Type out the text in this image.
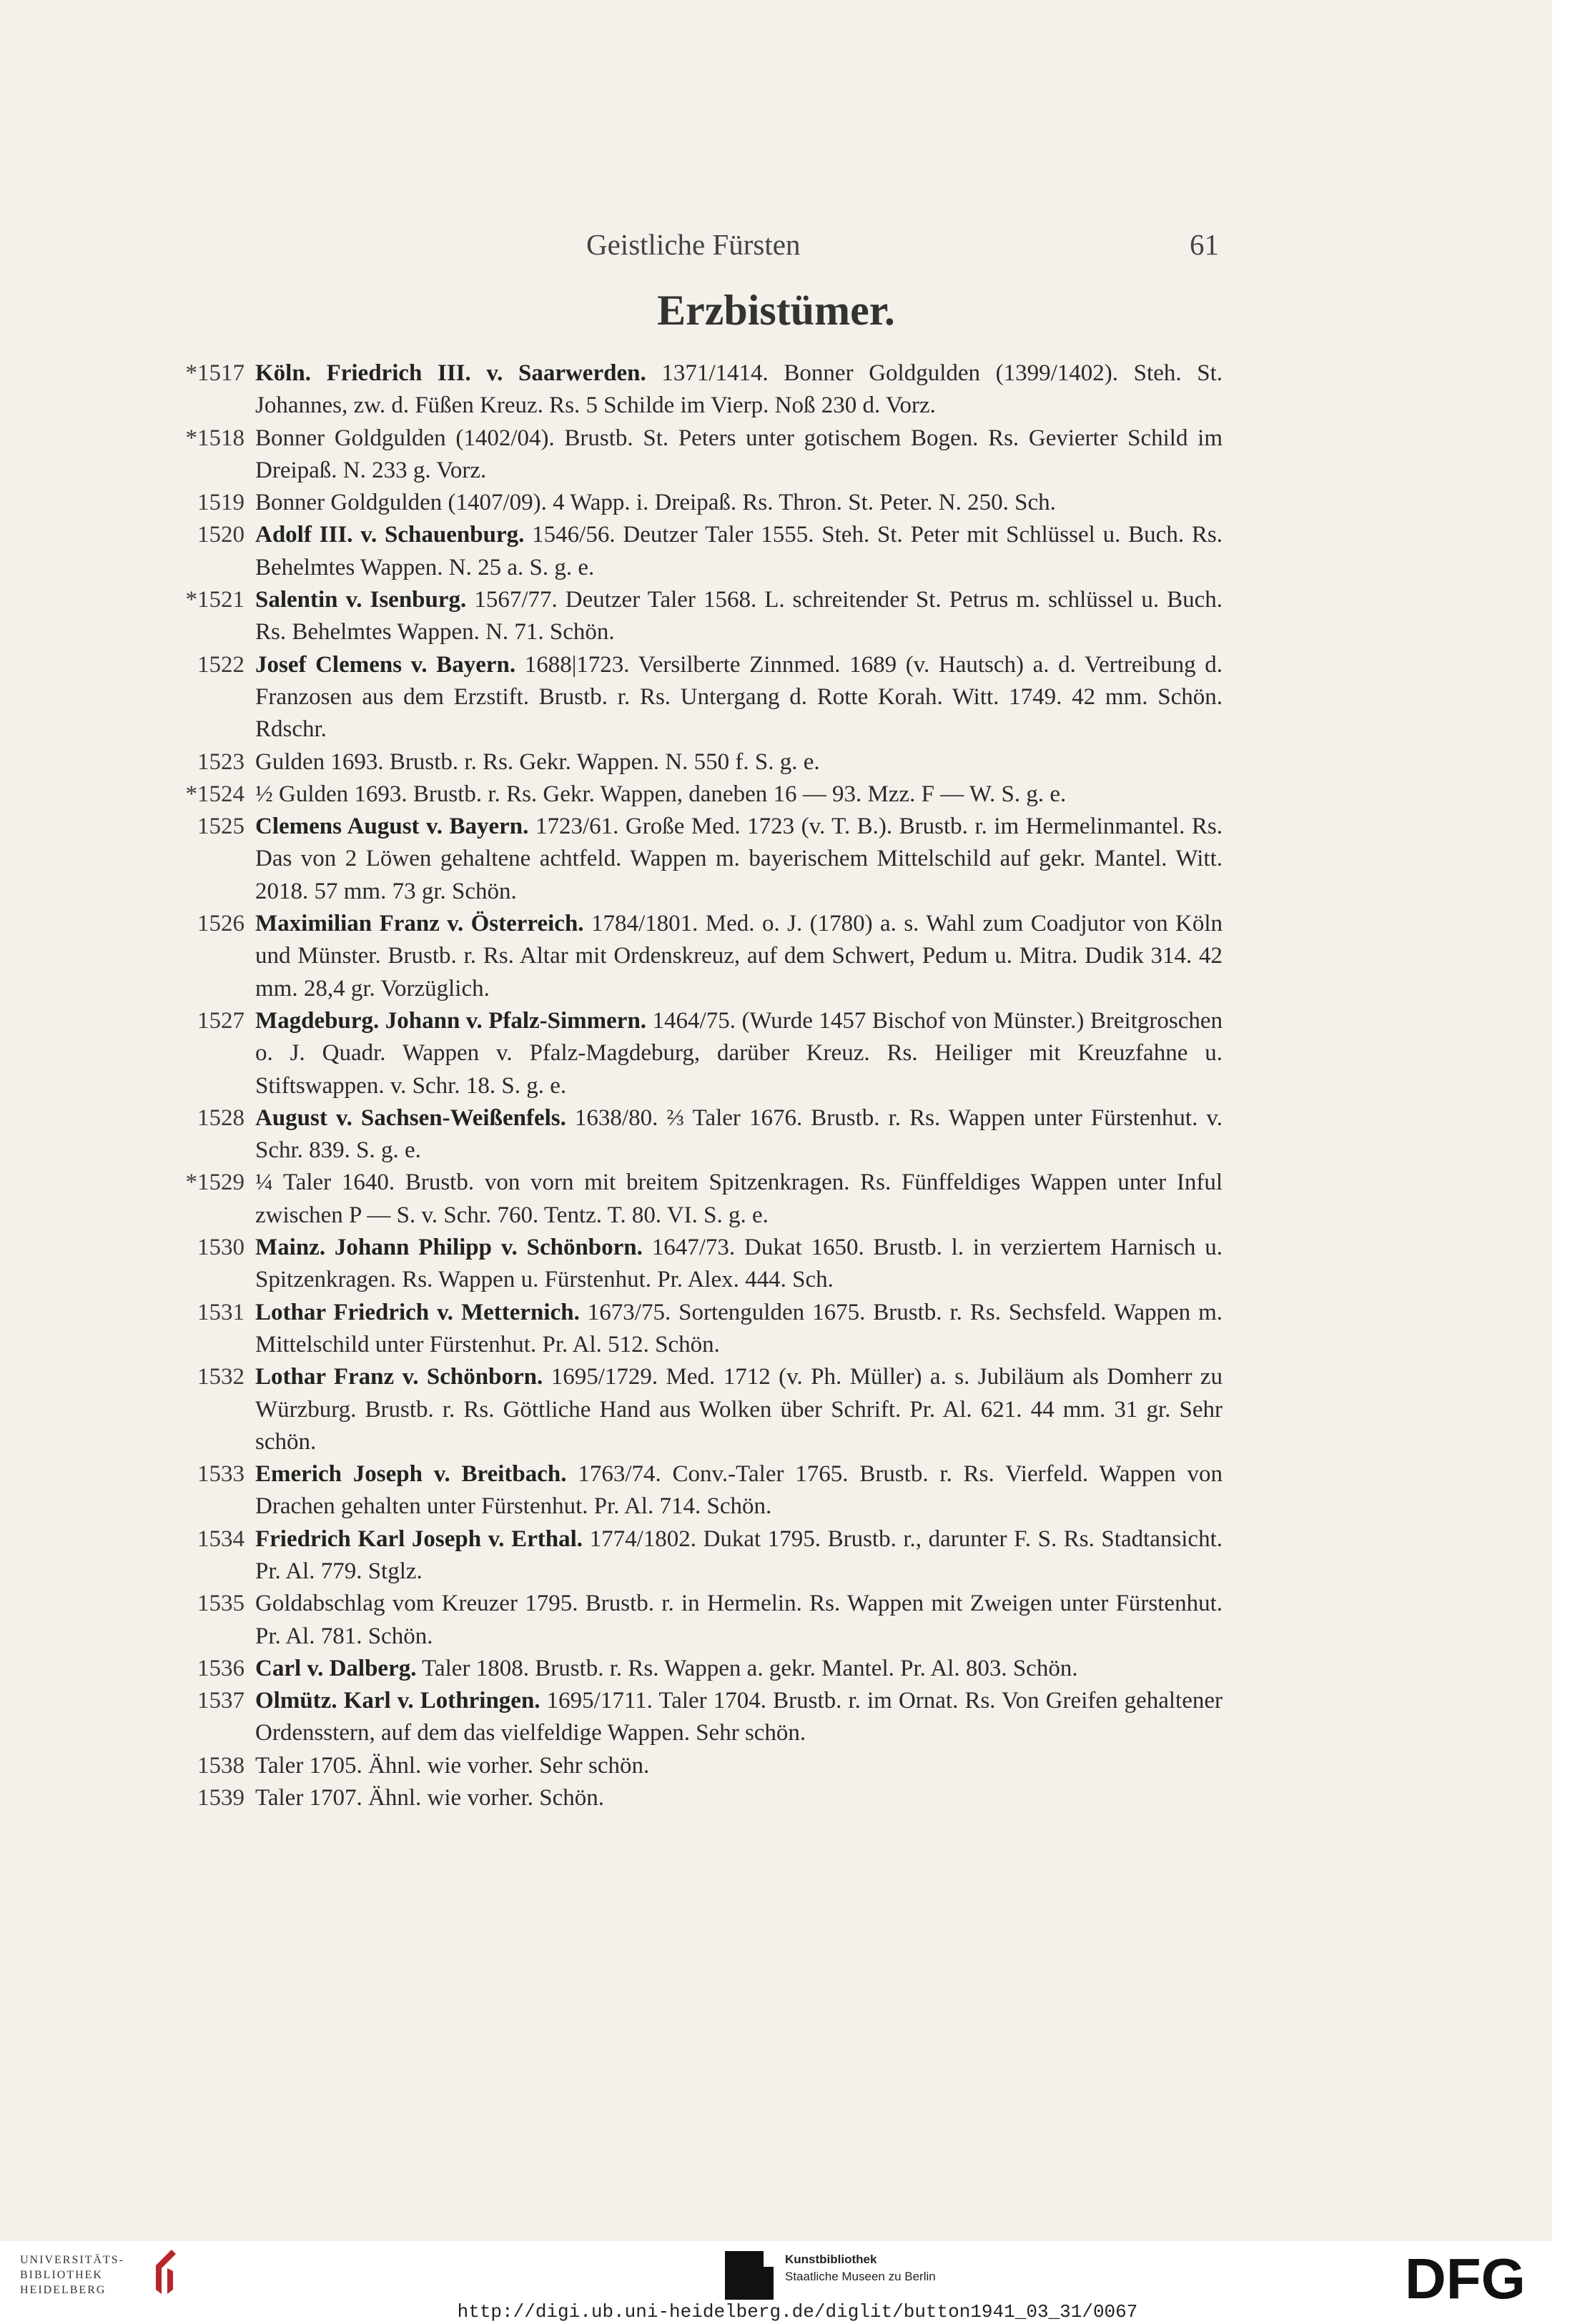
Geistliche Fürsten	61
Erzbistümer.
*1517 Köln. Friedrich III. v. Saarwerden. 1371/1414. Bonner Goldgulden (1399/1402). Steh. St. Johannes, zw. d. Füßen Kreuz. Rs. 5 Schilde im Vierp. Noß 230 d. Vorz.
*1518 Bonner Goldgulden (1402/04). Brustb. St. Peters unter gotischem Bogen. Rs. Gevierter Schild im Dreipaß. N. 233 g. Vorz.
1519 Bonner Goldgulden (1407/09). 4 Wapp. i. Dreipaß. Rs. Thron. St. Peter. N. 250. Sch.
1520 Adolf III. v. Schauenburg. 1546/56. Deutzer Taler 1555. Steh. St. Peter mit Schlüssel u. Buch. Rs. Behelmtes Wappen. N. 25 a. S. g. e.
*1521 Salentin v. Isenburg. 1567/77. Deutzer Taler 1568. L. schreitender St. Petrus m. schlüssel u. Buch. Rs. Behelmtes Wappen. N. 71. Schön.
1522 Josef Clemens v. Bayern. 1688|1723. Versilberte Zinnmed. 1689 (v. Hautsch) a. d. Vertreibung d. Franzosen aus dem Erzstift. Brustb. r. Rs. Untergang d. Rotte Korah. Witt. 1749. 42 mm. Schön. Rdschr.
1523 Gulden 1693. Brustb. r. Rs. Gekr. Wappen. N. 550 f. S. g. e.
*1524 ½ Gulden 1693. Brustb. r. Rs. Gekr. Wappen, daneben 16 — 93. Mzz. F — W. S. g. e.
1525 Clemens August v. Bayern. 1723/61. Große Med. 1723 (v. T. B.). Brustb. r. im Hermelinmantel. Rs. Das von 2 Löwen gehaltene achtfeld. Wappen m. bayerischem Mittelschild auf gekr. Mantel. Witt. 2018. 57 mm. 73 gr. Schön.
1526 Maximilian Franz v. Österreich. 1784/1801. Med. o. J. (1780) a. s. Wahl zum Coadjutor von Köln und Münster. Brustb. r. Rs. Altar mit Ordenskreuz, auf dem Schwert, Pedum u. Mitra. Dudik 314. 42 mm. 28,4 gr. Vorzüglich.
1527 Magdeburg. Johann v. Pfalz-Simmern. 1464/75. (Wurde 1457 Bischof von Münster.) Breitgroschen o. J. Quadr. Wappen v. Pfalz-Magdeburg, darüber Kreuz. Rs. Heiliger mit Kreuzfahne u. Stiftswappen. v. Schr. 18. S. g. e.
1528 August v. Sachsen-Weißenfels. 1638/80. ⅔ Taler 1676. Brustb. r. Rs. Wappen unter Fürstenhut. v. Schr. 839. S. g. e.
*1529 ¼ Taler 1640. Brustb. von vorn mit breitem Spitzenkragen. Rs. Fünffeldiges Wappen unter Inful zwischen P — S. v. Schr. 760. Tentz. T. 80. VI. S. g. e.
1530 Mainz. Johann Philipp v. Schönborn. 1647/73. Dukat 1650. Brustb. l. in verziertem Harnisch u. Spitzenkragen. Rs. Wappen u. Fürstenhut. Pr. Alex. 444. Sch.
1531 Lothar Friedrich v. Metternich. 1673/75. Sortengulden 1675. Brustb. r. Rs. Sechsfeld. Wappen m. Mittelschild unter Fürstenhut. Pr. Al. 512. Schön.
1532 Lothar Franz v. Schönborn. 1695/1729. Med. 1712 (v. Ph. Müller) a. s. Jubiläum als Domherr zu Würzburg. Brustb. r. Rs. Göttliche Hand aus Wolken über Schrift. Pr. Al. 621. 44 mm. 31 gr. Sehr schön.
1533 Emerich Joseph v. Breitbach. 1763/74. Conv.-Taler 1765. Brustb. r. Rs. Vierfeld. Wappen von Drachen gehalten unter Fürstenhut. Pr. Al. 714. Schön.
1534 Friedrich Karl Joseph v. Erthal. 1774/1802. Dukat 1795. Brustb. r., darunter F. S. Rs. Stadtansicht. Pr. Al. 779. Stglz.
1535 Goldabschlag vom Kreuzer 1795. Brustb. r. in Hermelin. Rs. Wappen mit Zweigen unter Fürstenhut. Pr. Al. 781. Schön.
1536 Carl v. Dalberg. Taler 1808. Brustb. r. Rs. Wappen a. gekr. Mantel. Pr. Al. 803. Schön.
1537 Olmütz. Karl v. Lothringen. 1695/1711. Taler 1704. Brustb. r. im Ornat. Rs. Von Greifen gehaltener Ordensstern, auf dem das vielfeldige Wappen. Sehr schön.
1538 Taler 1705. Ähnl. wie vorher. Sehr schön.
1539 Taler 1707. Ähnl. wie vorher. Schön.
UNIVERSITÄTS-
BIBLIOTHEK
HEIDELBERG
Kunstbibliothek
Staatliche Museen zu Berlin	DFG
http://digi.ub.uni-heidelberg.de/diglit/button1941_03_31/0067
